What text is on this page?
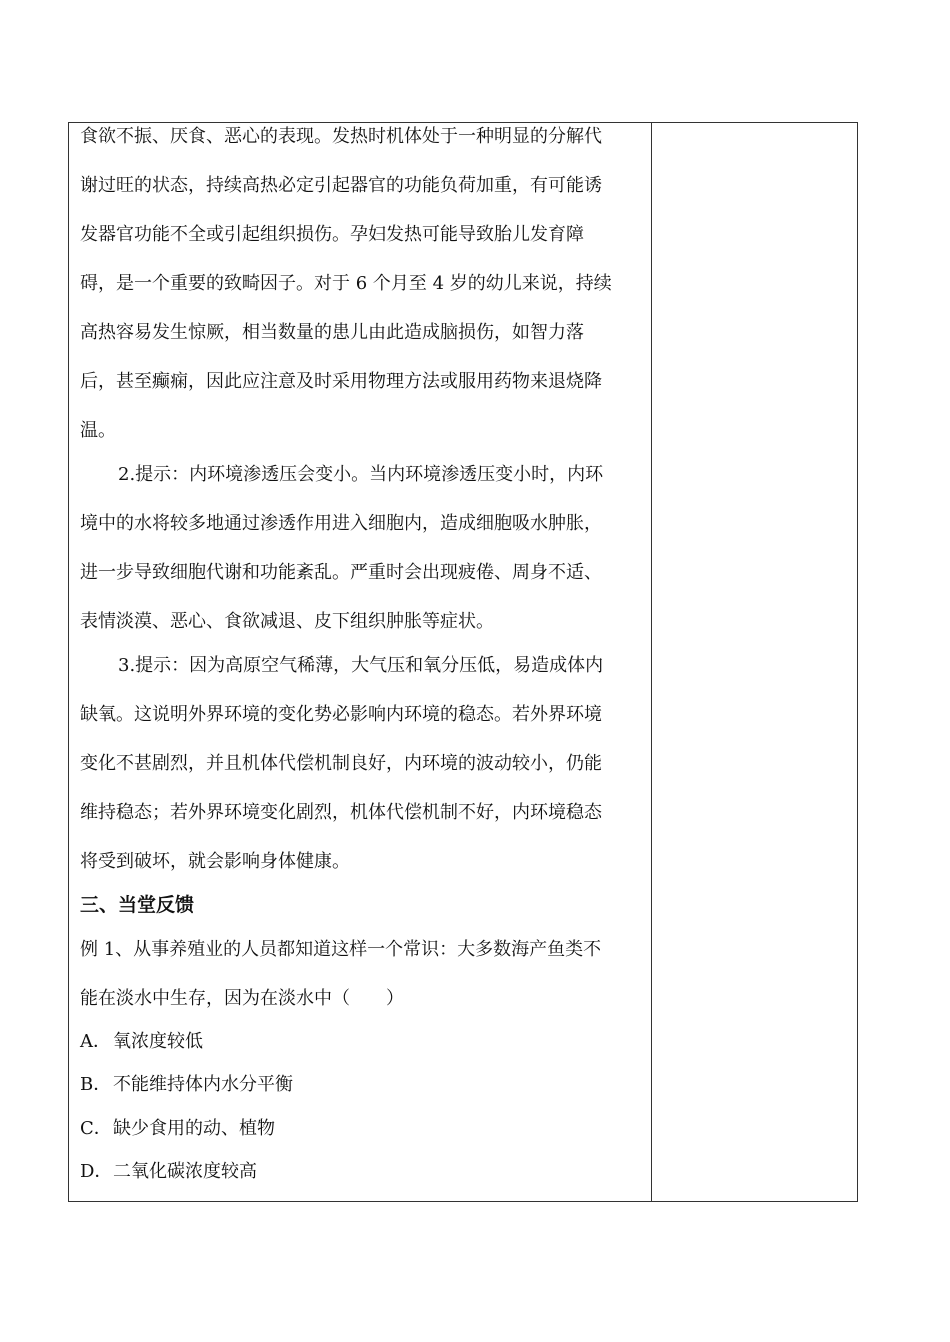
食欲不振、厌食、恶心的表现。发热时机体处于一种明显的分解代
谢过旺的状态，持续高热必定引起器官的功能负荷加重，有可能诱
发器官功能不全或引起组织损伤。孕妇发热可能导致胎儿发育障
碍，是一个重要的致畸因子。对于 6 个月至 4 岁的幼儿来说，持续
高热容易发生惊厥，相当数量的患儿由此造成脑损伤，如智力落
后，甚至癫痫，因此应注意及时采用物理方法或服用药物来退烧降
温。
2.提示：内环境渗透压会变小。当内环境渗透压变小时，内环
境中的水将较多地通过渗透作用进入细胞内，造成细胞吸水肿胀，
进一步导致细胞代谢和功能紊乱。严重时会出现疲倦、周身不适、
表情淡漠、恶心、食欲减退、皮下组织肿胀等症状。
3.提示：因为高原空气稀薄，大气压和氧分压低，易造成体内
缺氧。这说明外界环境的变化势必影响内环境的稳态。若外界环境
变化不甚剧烈，并且机体代偿机制良好，内环境的波动较小，仍能
维持稳态；若外界环境变化剧烈，机体代偿机制不好，内环境稳态
将受到破坏，就会影响身体健康。
三、当堂反馈
例 1、从事养殖业的人员都知道这样一个常识：大多数海产鱼类不
能在淡水中生存，因为在淡水中（　　）
A． 氧浓度较低
B．不能维持体内水分平衡
C．缺少食用的动、植物
D．二氧化碳浓度较高
